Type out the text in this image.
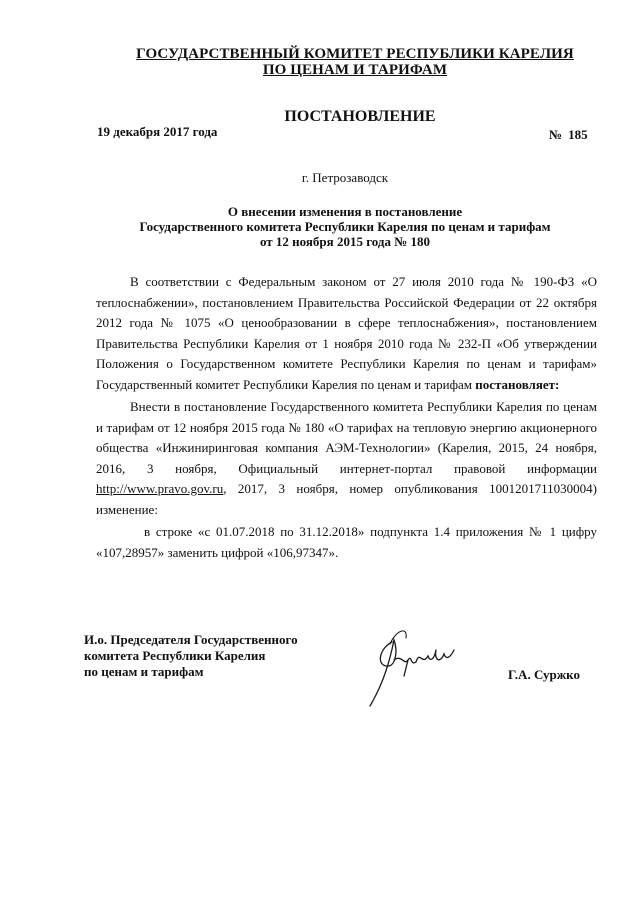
ГОСУДАРСТВЕННЫЙ КОМИТЕТ РЕСПУБЛИКИ КАРЕЛИЯ
ПО ЦЕНАМ И ТАРИФАМ
ПОСТАНОВЛЕНИЕ
19 декабря 2017 года	№ 185
г. Петрозаводск
О внесении изменения в постановление
Государственного комитета Республики Карелия по ценам и тарифам
от 12 ноября 2015 года № 180

В соответствии с Федеральным законом от 27 июля 2010 года № 190-ФЗ «О теплоснабжении», постановлением Правительства Российской Федерации от 22 октября 2012 года № 1075 «О ценообразовании в сфере теплоснабжения», постановлением Правительства Республики Карелия от 1 ноября 2010 года № 232-П «Об утверждении Положения о Государственном комитете Республики Карелия по ценам и тарифам» Государственный комитет Республики Карелия по ценам и тарифам постановляет:

Внести в постановление Государственного комитета Республики Карелия по ценам и тарифам от 12 ноября 2015 года № 180 «О тарифах на тепловую энергию акционерного общества «Инжиниринговая компания АЭМ-Технологии» (Карелия, 2015, 24 ноября, 2016, 3 ноября, Официальный интернет-портал правовой информации http://www.pravo.gov.ru, 2017, 3 ноября, номер опубликования 1001201711030004) изменение:

в строке «с 01.07.2018 по 31.12.2018» подпункта 1.4 приложения № 1 цифру «107,28957» заменить цифрой «106,97347».

И.о. Председателя Государственного
комитета Республики Карелия
по ценам и тарифам	Г.А. Суржко
